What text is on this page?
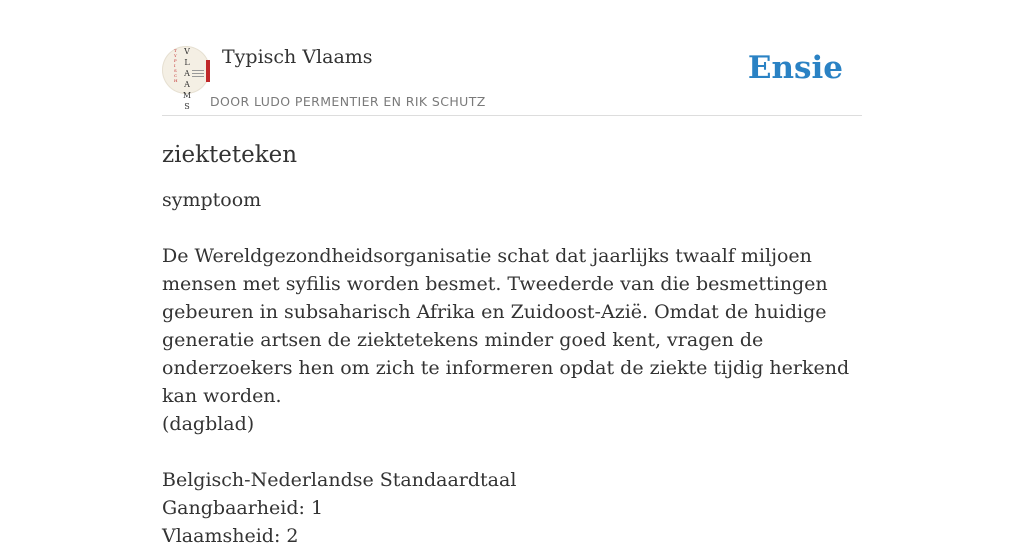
TYPISCH
VLAAMS
Typisch Vlaams
DOOR LUDO PERMENTIER EN RIK SCHUTZ
Ensie
ziekteteken

symptoom

De Wereldgezondheidsorganisatie schat dat jaarlijks twaalf miljoen mensen met syfilis worden besmet. Tweederde van die besmettingen gebeuren in subsaharisch Afrika en Zuidoost-Azië. Omdat de huidige generatie artsen de ziektetekens minder goed kent, vragen de onderzoekers hen om zich te informeren opdat de ziekte tijdig herkend kan worden.

(dagblad)
Belgisch-Nederlandse Standaardtaal
Gangbaarheid: 1
Vlaamsheid: 2
